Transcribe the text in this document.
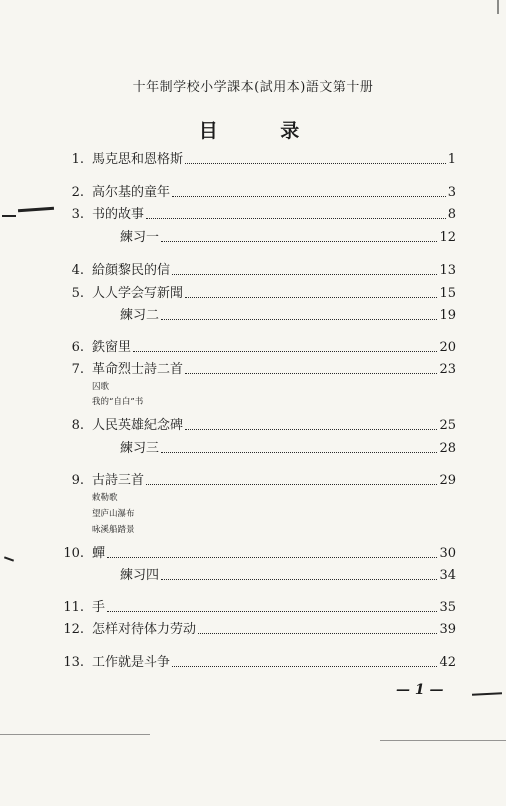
十年制学校小学課本(試用本)語文第十册
目 录
1. 馬克思和恩格斯	1
2. 高尔基的童年	3
3. 书的故事	8
練习一	12
4. 給顔黎民的信	13
5. 人人学会写新聞	15
練习二	19
6. 鉄窗里	20
7. 革命烈士詩二首	23
囚歌
我的“自白”书
8. 人民英雄紀念碑	25
練习三	28
9. 古詩三首	29
敕勒歌
望庐山瀑布
咏溪船踏景
10. 蟬	30
練习四	34
11. 手	35
12. 怎样对待体力劳动	39
13. 工作就是斗争	42
— 1 —
